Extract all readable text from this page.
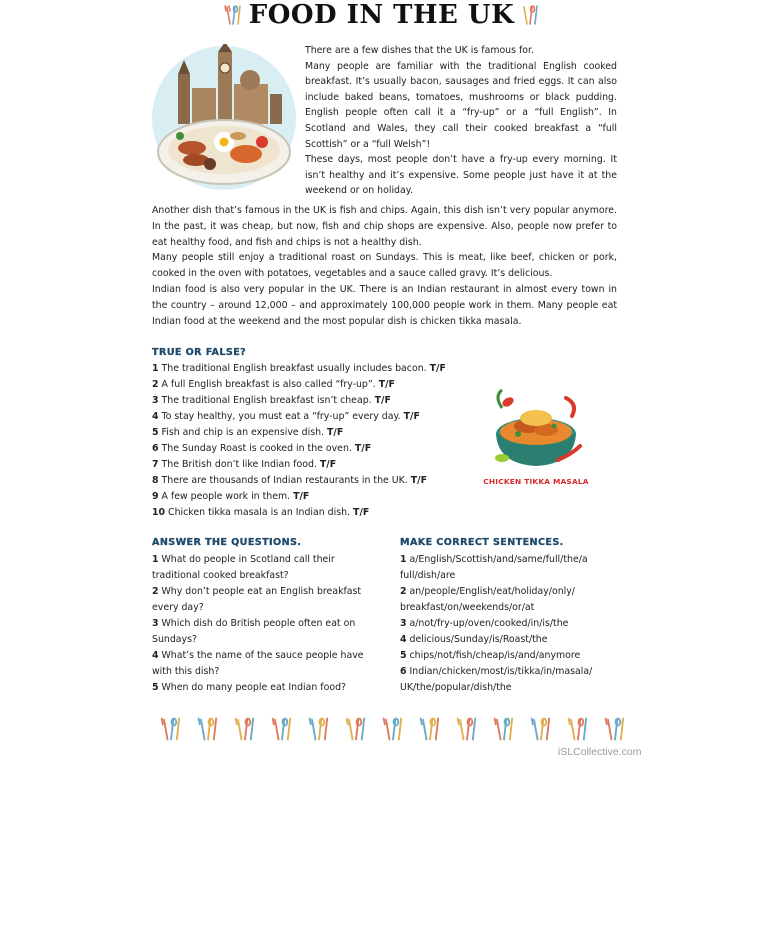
FOOD IN THE UK

There are a few dishes that the UK is famous for.

Many people are familiar with the traditional English cooked breakfast. It’s usually bacon, sausages and fried eggs. It can also include baked beans, tomatoes, mushrooms or black pudding. English people often call it a “fry-up” or a “full English”. In Scotland and Wales, they call their cooked breakfast a “full Scottish” or a “full Welsh”!

These days, most people don’t have a fry-up every morning. It isn’t healthy and it’s expensive. Some people just have it at the weekend or on holiday.

Another dish that’s famous in the UK is fish and chips. Again, this dish isn’t very popular anymore. In the past, it was cheap, but now, fish and chip shops are expensive. Also, people now prefer to eat healthy food, and fish and chips is not a healthy dish.

Many people still enjoy a traditional roast on Sundays. This is meat, like beef, chicken or pork, cooked in the oven with potatoes, vegetables and a sauce called gravy. It’s delicious.

Indian food is also very popular in the UK. There is an Indian restaurant in almost every town in the country – around 12,000 – and approximately 100,000 people work in them. Many people eat Indian food at the weekend and the most popular dish is chicken tikka masala.

TRUE OR FALSE?
1 The traditional English breakfast usually includes bacon. T/F
2 A full English breakfast is also called “fry-up”. T/F
3 The traditional English breakfast isn’t cheap. T/F
4 To stay healthy, you must eat a “fry-up” every day. T/F
5 Fish and chip is an expensive dish. T/F
6 The Sunday Roast is cooked in the oven. T/F
7 The British don’t like Indian food. T/F
8 There are thousands of Indian restaurants in the UK. T/F
9 A few people work in them. T/F
10 Chicken tikka masala is an Indian dish. T/F
CHICKEN TIKKA MASALA
ANSWER THE QUESTIONS.
1 What do people in Scotland call their traditional cooked breakfast?
2 Why don’t people eat an English breakfast every day?
3 Which dish do British people often eat on Sundays?
4 What’s the name of the sauce people have with this dish?
5 When do many people eat Indian food?
MAKE CORRECT SENTENCES.
1 a/English/Scottish/and/same/full/the/a full/dish/are
2 an/people/English/eat/holiday/only/ breakfast/on/weekends/or/at
3 a/not/fry-up/oven/cooked/in/is/the
4 delicious/Sunday/is/Roast/the
5 chips/not/fish/cheap/is/and/anymore
6 Indian/chicken/most/is/tikka/in/masala/ UK/the/popular/dish/the
iSLCollective.com
